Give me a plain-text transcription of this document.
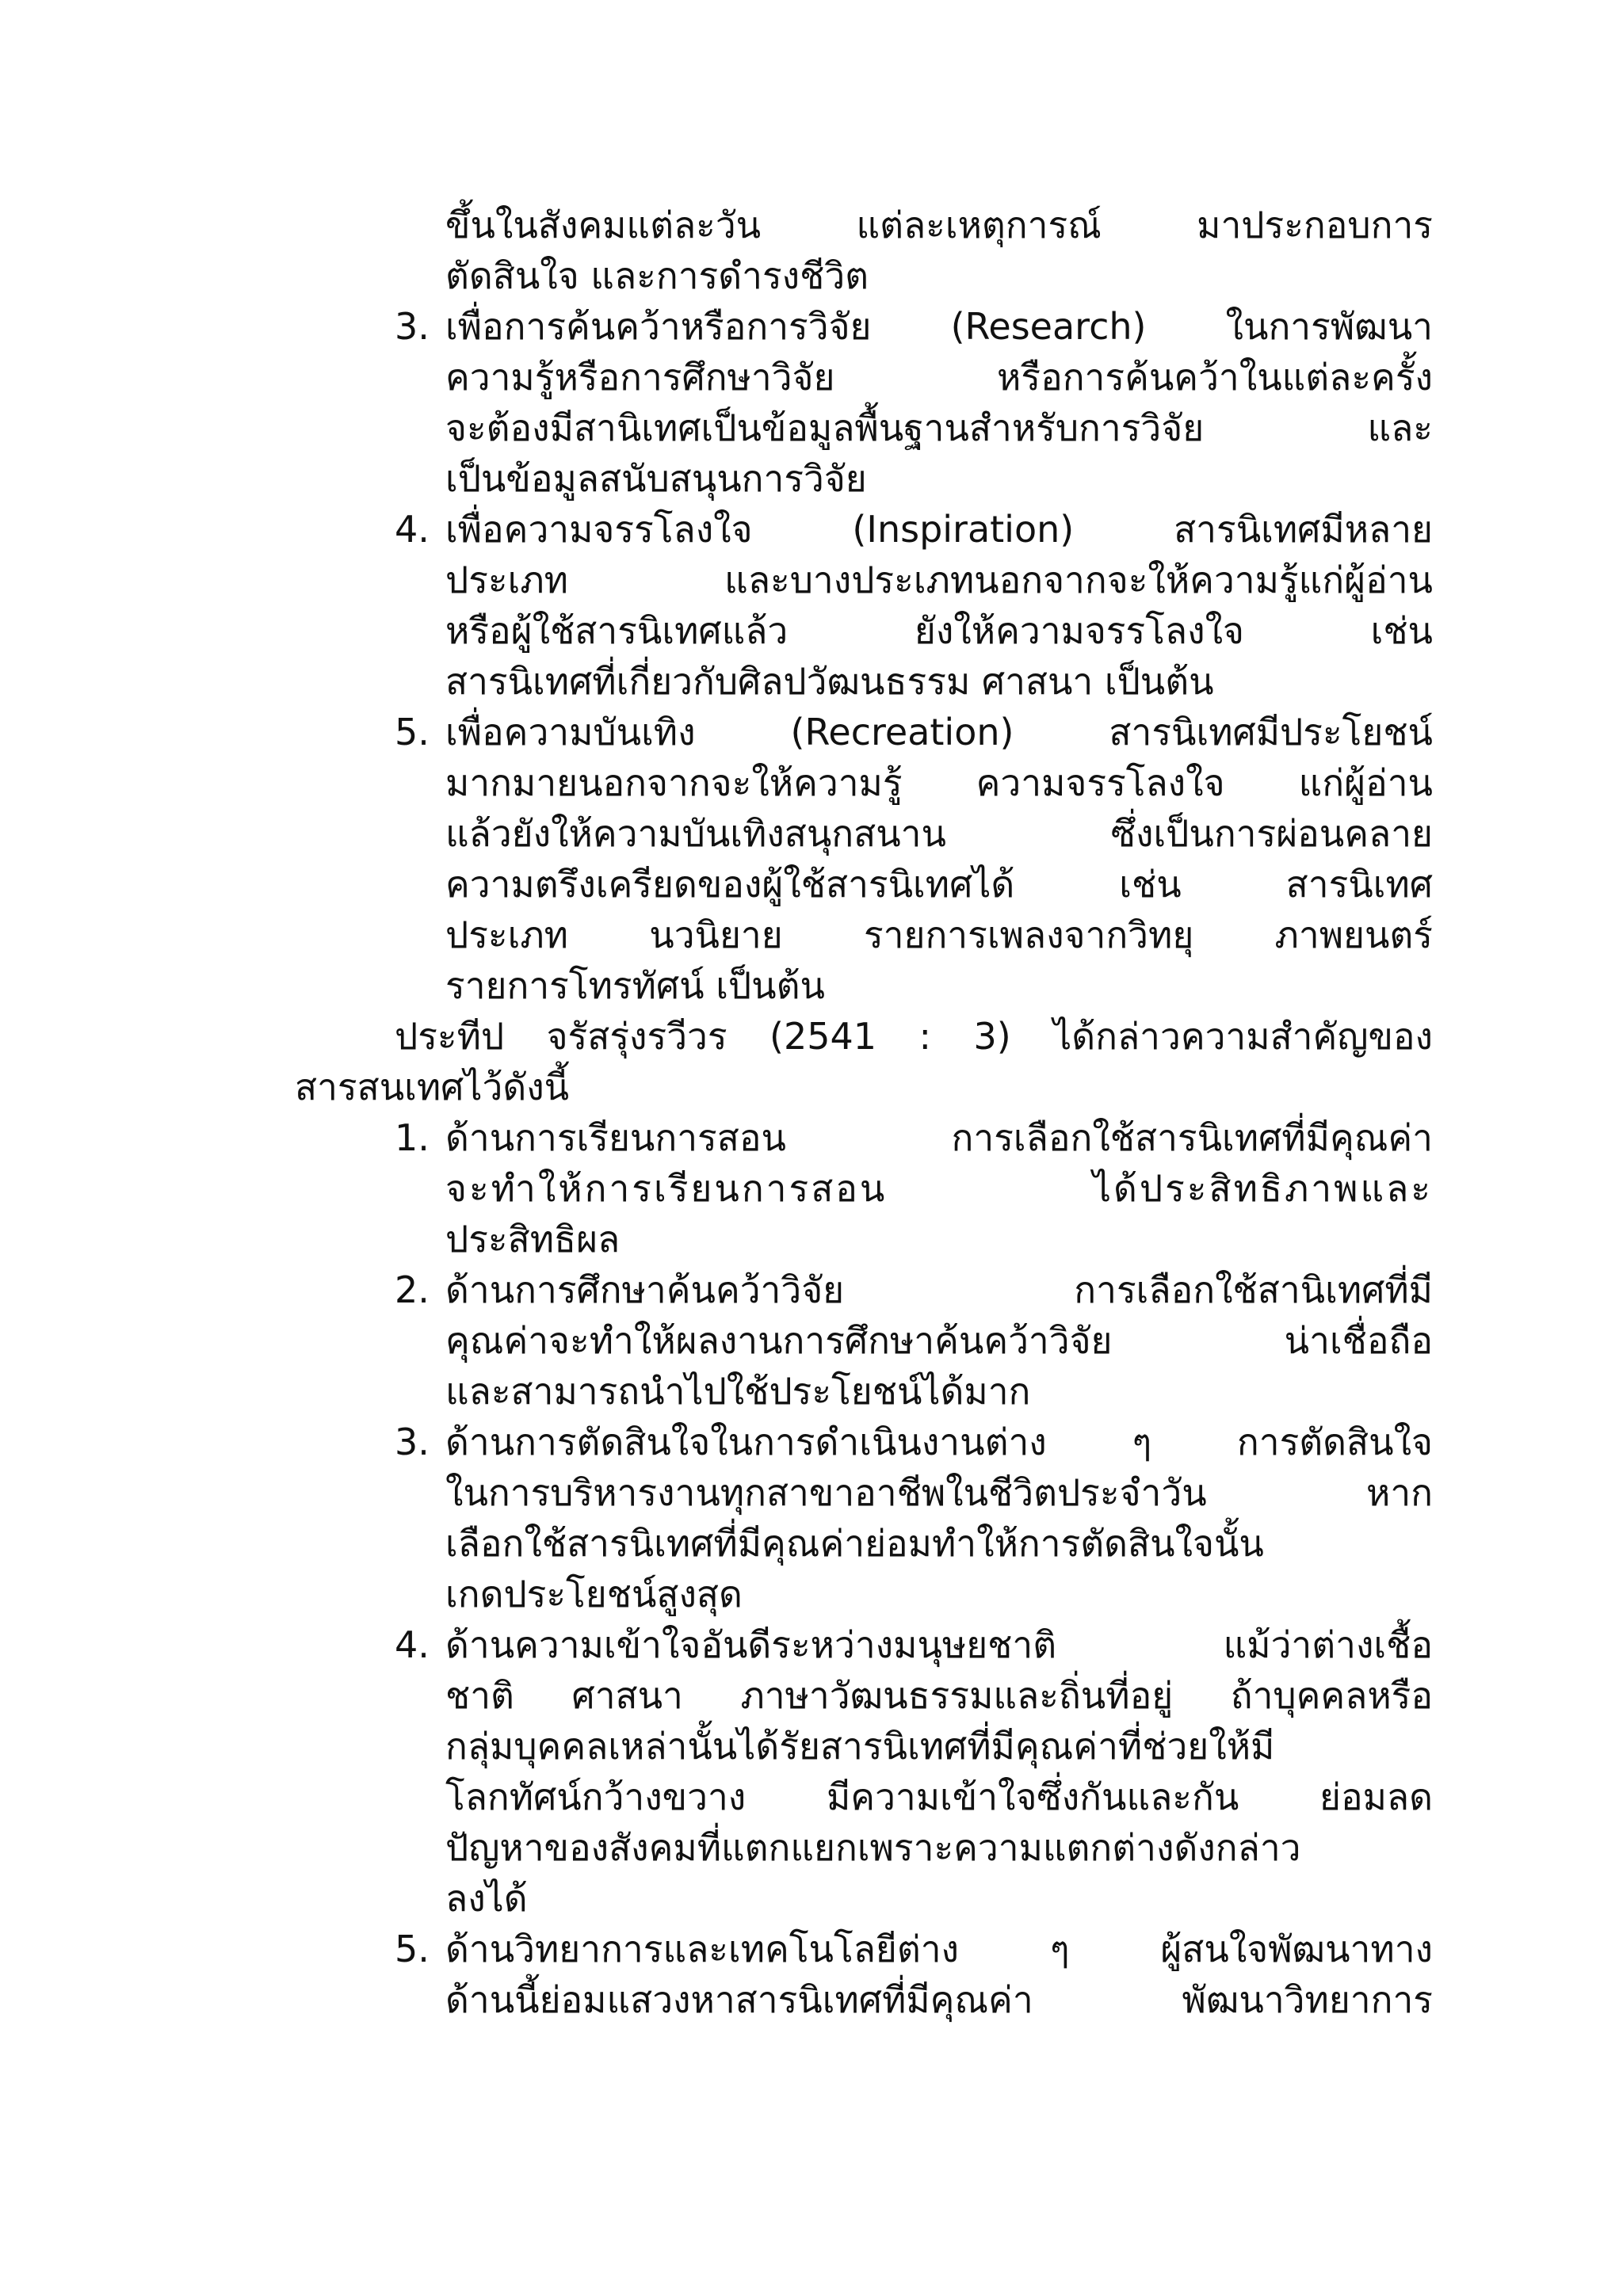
ขึ้นในสังคมแต่ละวัน แต่ละเหตุการณ์ มาประกอบการ
ตัดสินใจ และการดำรงชีวิต
3. เพื่อการค้นคว้าหรือการวิจัย (Research) ในการพัฒนา
ความรู้หรือการศึกษาวิจัย หรือการค้นคว้าในแต่ละครั้ง
จะต้องมีสานิเทศเป็นข้อมูลพื้นฐานสำหรับการวิจัย และ
เป็นข้อมูลสนับสนุนการวิจัย
4. เพื่อความจรรโลงใจ (Inspiration) สารนิเทศมีหลาย
ประเภท และบางประเภทนอกจากจะให้ความรู้แก่ผู้อ่าน
หรือผู้ใช้สารนิเทศแล้ว ยังให้ความจรรโลงใจ เช่น
สารนิเทศที่เกี่ยวกับศิลปวัฒนธรรม ศาสนา เป็นต้น
5. เพื่อความบันเทิง (Recreation) สารนิเทศมีประโยชน์
มากมายนอกจากจะให้ความรู้ ความจรรโลงใจ แก่ผู้อ่าน
แล้วยังให้ความบันเทิงสนุกสนาน ซึ่งเป็นการผ่อนคลาย
ความตรึงเครียดของผู้ใช้สารนิเทศได้ เช่น สารนิเทศ
ประเภท นวนิยาย รายการเพลงจากวิทยุ ภาพยนตร์
รายการโทรทัศน์ เป็นต้น
ประทีป จรัสรุ่งรวีวร (2541 : 3) ได้กล่าวความสำคัญของ
สารสนเทศไว้ดังนี้
1. ด้านการเรียนการสอน การเลือกใช้สารนิเทศที่มีคุณค่า
จะทำให้การเรียนการสอน ได้ประสิทธิภาพและ
ประสิทธิผล
2. ด้านการศึกษาค้นคว้าวิจัย การเลือกใช้สานิเทศที่มี
คุณค่าจะทำให้ผลงานการศึกษาค้นคว้าวิจัย น่าเชื่อถือ
และสามารถนำไปใช้ประโยชน์ได้มาก
3. ด้านการตัดสินใจในการดำเนินงานต่าง ๆ การตัดสินใจ
ในการบริหารงานทุกสาขาอาชีพในชีวิตประจำวัน หาก
เลือกใช้สารนิเทศที่มีคุณค่าย่อมทำให้การตัดสินใจนั้น
เกดประโยชน์สูงสุด
4. ด้านความเข้าใจอันดีระหว่างมนุษยชาติ แม้ว่าต่างเชื้อ
ชาติ ศาสนา ภาษาวัฒนธรรมและถิ่นที่อยู่ ถ้าบุคคลหรือ
กลุ่มบุคคลเหล่านั้นได้รัยสารนิเทศที่มีคุณค่าที่ช่วยให้มี
โลกทัศน์กว้างขวาง มีความเข้าใจซึ่งกันและกัน ย่อมลด
ปัญหาของสังคมที่แตกแยกเพราะความแตกต่างดังกล่าว
ลงได้
5. ด้านวิทยาการและเทคโนโลยีต่าง ๆ ผู้สนใจพัฒนาทาง
ด้านนี้ย่อมแสวงหาสารนิเทศที่มีคุณค่า พัฒนาวิทยาการ
